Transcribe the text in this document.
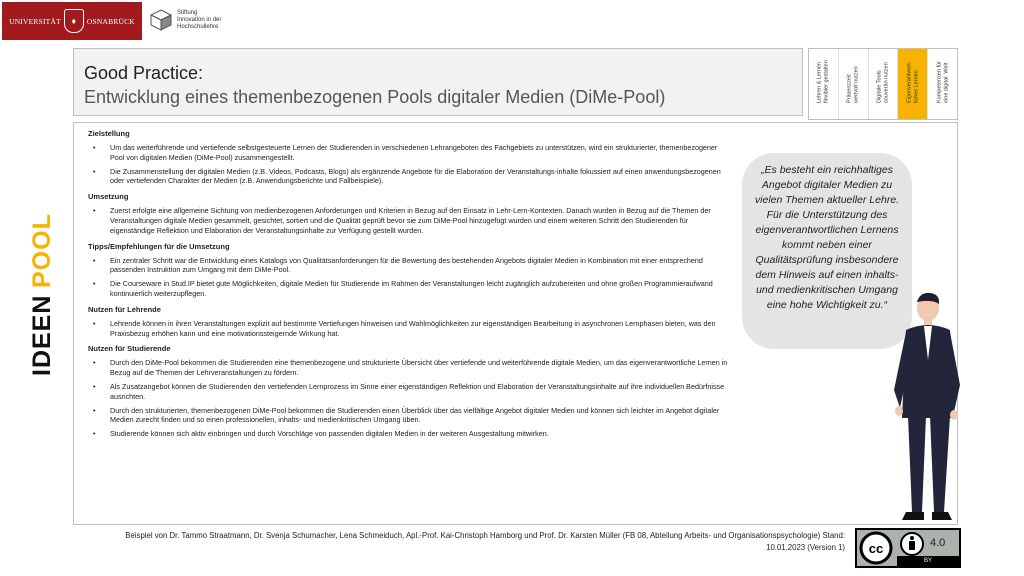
UNIVERSITÄT	♦	OSNABRÜCK
Stiftung
Innovation in der
Hochschullehre
IDEEN
POOL
Good Practice:
Entwicklung eines themenbezogenen Pools digitaler Medien (DiMe-Pool)	Lehren & Lernen
flexibler gestalten
Präsenzzeit
wertvoll nutzen
Digitale Tools
souverän nutzen	Eigenverantwort-
liches Lernen	Kompetenzen für
eine digital. Welt
Zielstellung
• Um das weiterführende und vertiefende selbstgesteuerte Lernen der Studierenden in verschiedenen Lehrangeboten des Fachgebiets zu unterstützen, wird ein strukturierter, themenbezogener Pool von digitalen Medien (DiMe-Pool) zusammengestellt.
• Die Zusammenstellung der digitalen Medien (z.B. Videos, Podcasts, Blogs) als ergänzende Angebote für die Elaboration der Veranstaltungs-inhalte fokussiert auf einen anwendungsbezogenen oder vertiefenden Charakter der Medien (z.B. Anwendungsberichte und Fallbeispiele).
Umsetzung
• Zuerst erfolgte eine allgemeine Sichtung von medienbezogenen Anforderungen und Kriterien in Bezug auf den Einsatz in Lehr-Lern-Kontexten. Danach wurden in Bezug auf die Themen der Veranstaltungen digitale Medien gesammelt, gesichtet, sortiert und die Qualität geprüft bevor sie zum DiMe-Pool hinzugefügt wurden und einem weiteren Schritt den Studierenden für eigenständige Reflektion und Elaboration der Veranstaltungsinhalte zur Verfügung gestellt wurden.
Tipps/Empfehlungen für die Umsetzung
• Ein zentraler Schritt war die Entwicklung eines Katalogs von Qualitätsanforderungen für die Bewertung des bestehenden Angebots digitaler Medien in Kombination mit einer entsprechend passenden Instruktion zum Umgang mit dem DiMe-Pool.
• Die Courseware in Stud.IP bietet gute Möglichkeiten, digitale Medien für Studierende im Rahmen der Veranstaltungen leicht zugänglich aufzubereiten und ohne großen Programmieraufwand kontinuierlich weiterzupflegen.
Nutzen für Lehrende
• Lehrende können in ihren Veranstaltungen explizit auf bestimmte Vertiefungen hinweisen und Wahlmöglichkeiten zur eigenständigen Bearbeitung in asynchronen Lernphasen bieten, was den Praxisbezug erhöhen kann und eine motivationssteigernde Wirkung hat.
Nutzen für Studierende
• Durch den DiMe-Pool bekommen die Studierenden eine themenbezogene und strukturierte Übersicht über vertiefende und weiterführende digitale Medien, um das eigenverantwortliche Lernen in Bezug auf die Themen der Lehrveranstaltungen zu fördern.
• Als Zusatzangebot können die Studierenden den vertiefenden Lernprozess im Sinne einer eigenständigen Reflektion und Elaboration der Veranstaltungsinhalte auf ihre individuellen Bedürfnisse ausrichten.
• Durch den strukturierten, themenbezogenen DiMe-Pool bekommen die Studierenden einen Überblick über das vielfältige Angebot digitaler Medien und können sich leichter im Angebot digitaler Medien zurecht finden und so einen professionellen, inhalts- und medienkritischen Umgang üben.
• Studierende können sich aktiv einbringen und durch Vorschläge von passenden digitalen Medien in der weiteren Ausgestaltung mitwirken.
„Es besteht ein reichhaltiges Angebot digitaler Medien zu vielen Themen aktueller Lehre. Für die Unterstützung des eigenverantwortlichen Lernens kommt neben einer Qualitätsprüfung insbesondere dem Hinweis auf einen inhalts- und medienkritischen Umgang eine hohe Wichtigkeit zu.“
Beispiel von Dr. Tammo Straatmann, Dr. Svenja Schumacher, Lena Schmeiduch, Apl.-Prof. Kai-Christoph Hamborg und Prof. Dr. Karsten Müller (FB 08, Abteilung Arbeits- und Organisationspsychologie) Stand: 10.01.2023 (Version 1) cc	4.0
BY
